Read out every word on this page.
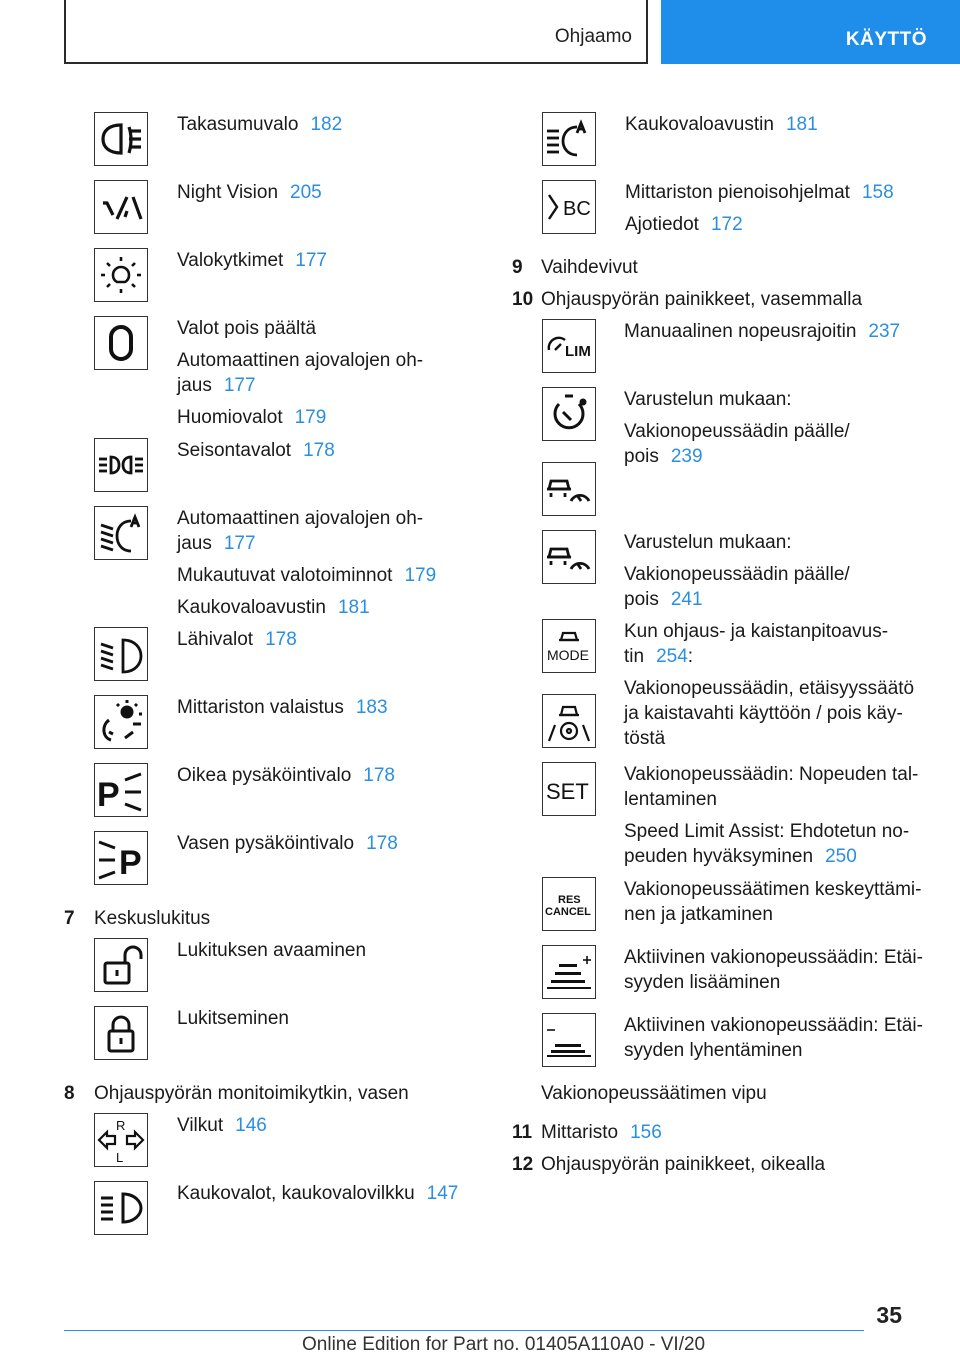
Ohjaamo	KÄYTTÖ
Takasumuvalo 182
Night Vision 205
Valokytkimet 177
Valot pois päältä
Automaattinen ajovalojen oh-
jaus 177
Huomiovalot 179
Seisontavalot 178
Automaattinen ajovalojen oh-
jaus 177
Mukautuvat valotoiminnot 179
Kaukovaloavustin 181
Lähivalot 178
Mittariston valaistus 183
P
Oikea pysäköintivalo 178
P
Vasen pysäköintivalo 178
7 Keskuslukitus
Lukituksen avaaminen
Lukitseminen
8 Ohjauspyörän monitoimikytkin, vasen
R
L
Vilkut 146
Kaukovalot, kaukovalovilkku 147
Kaukovaloavustin 181
BC
Mittariston pienoisohjelmat 158
Ajotiedot 172
9 Vaihdevivut
10 Ohjauspyörän painikkeet, vasemmalla
LIM
Manuaalinen nopeusrajoitin 237
Varustelun mukaan:
Vakionopeussäädin päälle/
pois 239
Varustelun mukaan:
Vakionopeussäädin päälle/
pois 241
MODE
Kun ohjaus- ja kaistanpitoavus-
tin 254:
Vakionopeussäädin, etäisyyssäätö
ja kaistavahti käyttöön / pois käy-
töstä
SET
Vakionopeussäädin: Nopeuden tal-
lentaminen
Speed Limit Assist: Ehdotetun no-
peuden hyväksyminen 250
RES
CANCEL
Vakionopeussäätimen keskeyttämi-
nen ja jatkaminen
Aktiivinen vakionopeussäädin: Etäi-
syyden lisääminen
Aktiivinen vakionopeussäädin: Etäi-
syyden lyhentäminen
Vakionopeussäätimen vipu
11 Mittaristo 156
12 Ohjauspyörän painikkeet, oikealla
35
Online Edition for Part no. 01405A110A0 - VI/20
